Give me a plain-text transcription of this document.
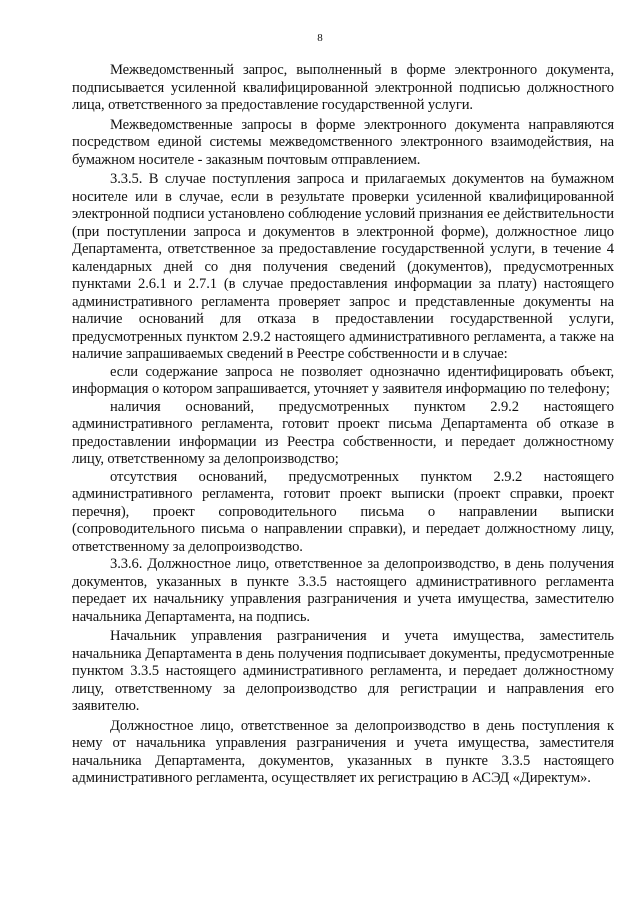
8

Межведомственный запрос, выполненный в форме электронного документа, подписывается усиленной квалифицированной электронной подписью должностного лица, ответственного за предоставление государственной услуги.

Межведомственные запросы в форме электронного документа направляются посредством единой системы межведомственного электронного взаимодействия, на бумажном носителе - заказным почтовым отправлением.

3.3.5. В случае поступления запроса и прилагаемых документов на бумажном носителе или в случае, если в результате проверки усиленной квалифицированной электронной подписи установлено соблюдение условий признания ее действительности (при поступлении запроса и документов в электронной форме), должностное лицо Департамента, ответственное за предоставление государственной услуги, в течение 4 календарных дней со дня получения сведений (документов), предусмотренных пунктами 2.6.1 и 2.7.1 (в случае предоставления информации за плату) настоящего административного регламента проверяет запрос и представленные документы на наличие оснований для отказа в предоставлении государственной услуги, предусмотренных пунктом 2.9.2 настоящего административного регламента, а также на наличие запрашиваемых сведений в Реестре собственности и в случае:

если содержание запроса не позволяет однозначно идентифицировать объект, информация о котором запрашивается, уточняет у заявителя информацию по телефону;

наличия оснований, предусмотренных пунктом 2.9.2 настоящего административного регламента, готовит проект письма Департамента об отказе в предоставлении информации из Реестра собственности, и передает должностному лицу, ответственному за делопроизводство;

отсутствия оснований, предусмотренных пунктом 2.9.2 настоящего административного регламента, готовит проект выписки (проект справки, проект перечня), проект сопроводительного письма о направлении выписки (сопроводительного письма о направлении справки), и передает должностному лицу, ответственному за делопроизводство.

3.3.6. Должностное лицо, ответственное за делопроизводство, в день получения документов, указанных в пункте 3.3.5 настоящего административного регламента передает их начальнику управления разграничения и учета имущества, заместителю начальника Департамента, на подпись.

Начальник управления разграничения и учета имущества, заместитель начальника Департамента в день получения подписывает документы, предусмотренные пунктом 3.3.5 настоящего административного регламента, и передает должностному лицу, ответственному за делопроизводство для регистрации и направления его заявителю.

Должностное лицо, ответственное за делопроизводство в день поступления к нему от начальника управления разграничения и учета имущества, заместителя начальника Департамента, документов, указанных в пункте 3.3.5 настоящего административного регламента, осуществляет их регистрацию в АСЭД «Директум».
